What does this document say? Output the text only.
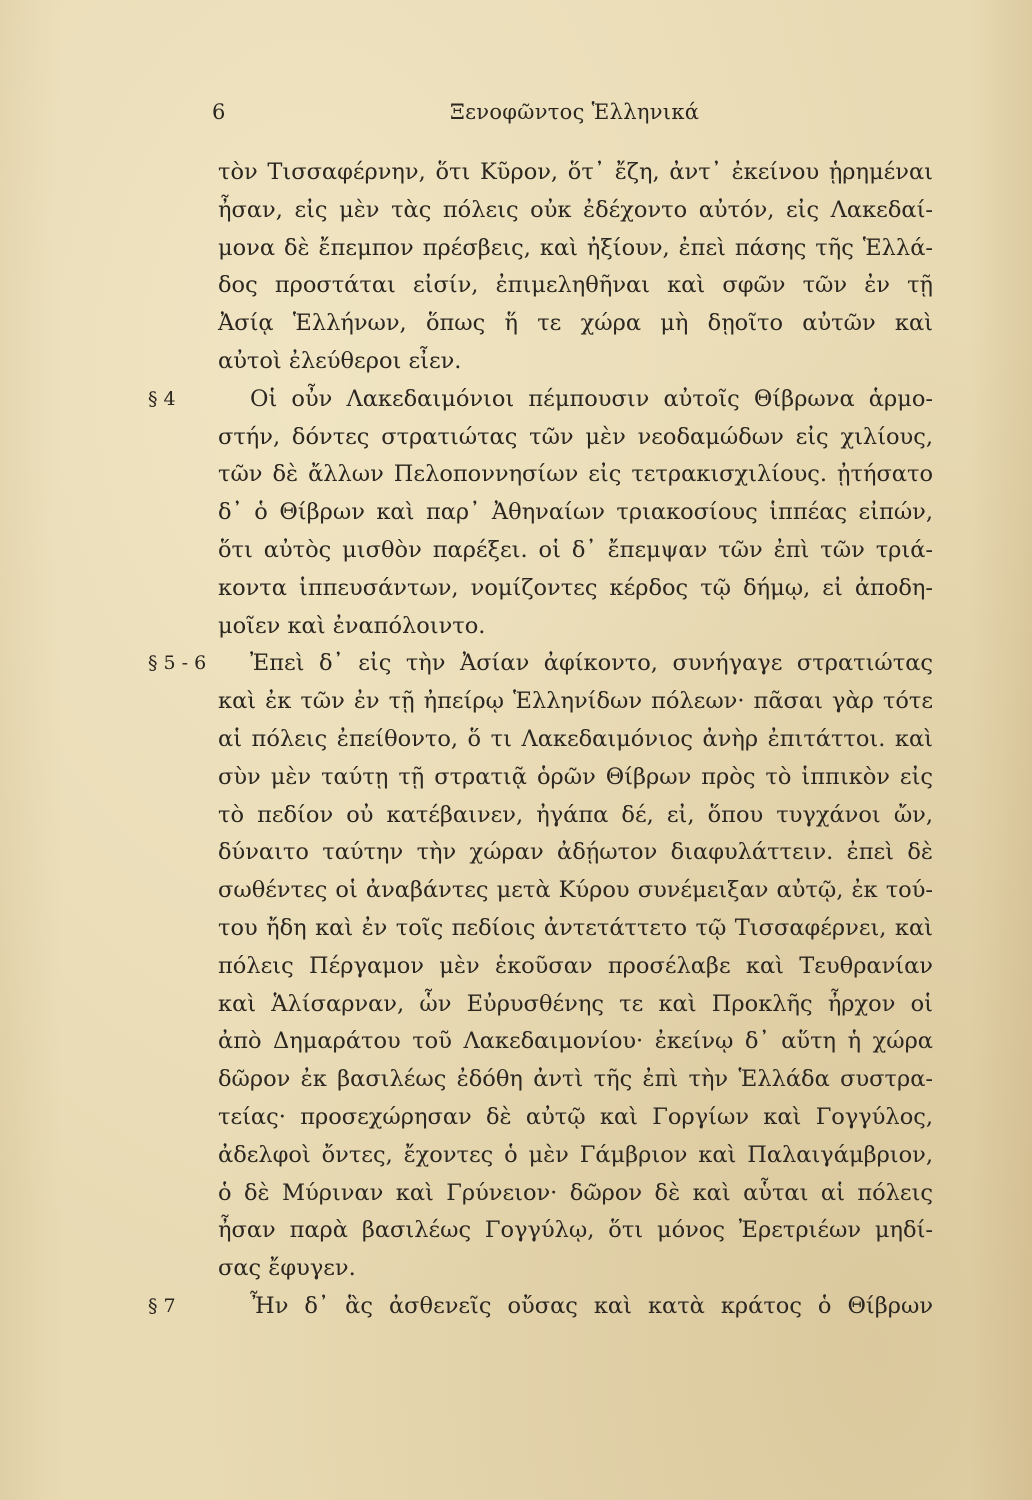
6	Ξενοφῶντος Ἑλληνικά
τὸν Τισσαφέρνην, ὅτι Κῦρον, ὅτ᾽ ἔζη, ἀντ᾽ ἐκείνου ᾑρημέναι
ἦσαν, εἰς μὲν τὰς πόλεις οὐκ ἐδέχοντο αὐτόν, εἰς Λακεδαί-
μονα δὲ ἔπεμπον πρέσβεις, καὶ ἠξίουν, ἐπεὶ πάσης τῆς Ἑλλά-
δος προστάται εἰσίν, ἐπιμεληθῆναι καὶ σφῶν τῶν ἐν τῇ
Ἀσίᾳ Ἑλλήνων, ὅπως ἥ τε χώρα μὴ δῃοῖτο αὐτῶν καὶ
αὐτοὶ ἐλεύθεροι εἶεν.
§ 4	Οἱ οὖν Λακεδαιμόνιοι πέμπουσιν αὐτοῖς Θίβρωνα ἁρμο-
στήν, δόντες στρατιώτας τῶν μὲν νεοδαμώδων εἰς χιλίους,
τῶν δὲ ἄλλων Πελοποννησίων εἰς τετρακισχιλίους. ᾐτήσατο
δ᾽ ὁ Θίβρων καὶ παρ᾽ Ἀθηναίων τριακοσίους ἱππέας εἰπών,
ὅτι αὐτὸς μισθὸν παρέξει. οἱ δ᾽ ἔπεμψαν τῶν ἐπὶ τῶν τριά-
κοντα ἱππευσάντων, νομίζοντες κέρδος τῷ δήμῳ, εἰ ἀποδη-
μοῖεν καὶ ἐναπόλοιντο.
§ 5 - 6 Ἐπεὶ δ᾽ εἰς τὴν Ἀσίαν ἀφίκοντο, συνήγαγε στρατιώτας
καὶ ἐκ τῶν ἐν τῇ ἠπείρῳ Ἑλληνίδων πόλεων· πᾶσαι γὰρ τότε
αἱ πόλεις ἐπείθοντο, ὅ τι Λακεδαιμόνιος ἀνὴρ ἐπιτάττοι. καὶ
σὺν μὲν ταύτῃ τῇ στρατιᾷ ὁρῶν Θίβρων πρὸς τὸ ἱππικὸν εἰς
τὸ πεδίον οὐ κατέβαινεν, ἠγάπα δέ, εἰ, ὅπου τυγχάνοι ὤν,
δύναιτο ταύτην τὴν χώραν ἀδῄωτον διαφυλάττειν. ἐπεὶ δὲ
σωθέντες οἱ ἀναβάντες μετὰ Κύρου συνέμειξαν αὐτῷ, ἐκ τού-
του ἤδη καὶ ἐν τοῖς πεδίοις ἀντετάττετο τῷ Τισσαφέρνει, καὶ
πόλεις Πέργαμον μὲν ἑκοῦσαν προσέλαβε καὶ Τευθρανίαν
καὶ Ἁλίσαρναν, ὧν Εὐρυσθένης τε καὶ Προκλῆς ἦρχον οἱ
ἀπὸ Δημαράτου τοῦ Λακεδαιμονίου· ἐκείνῳ δ᾽ αὕτη ἡ χώρα
δῶρον ἐκ βασιλέως ἐδόθη ἀντὶ τῆς ἐπὶ τὴν Ἑλλάδα συστρα-
τείας· προσεχώρησαν δὲ αὐτῷ καὶ Γοργίων καὶ Γογγύλος,
ἀδελφοὶ ὄντες, ἔχοντες ὁ μὲν Γάμβριον καὶ Παλαιγάμβριον,
ὁ δὲ Μύριναν καὶ Γρύνειον· δῶρον δὲ καὶ αὗται αἱ πόλεις
ἦσαν παρὰ βασιλέως Γογγύλῳ, ὅτι μόνος Ἐρετριέων μηδί-
σας ἔφυγεν.
§ 7	Ἦν δ᾽ ἃς ἀσθενεῖς οὔσας καὶ κατὰ κράτος ὁ Θίβρων
